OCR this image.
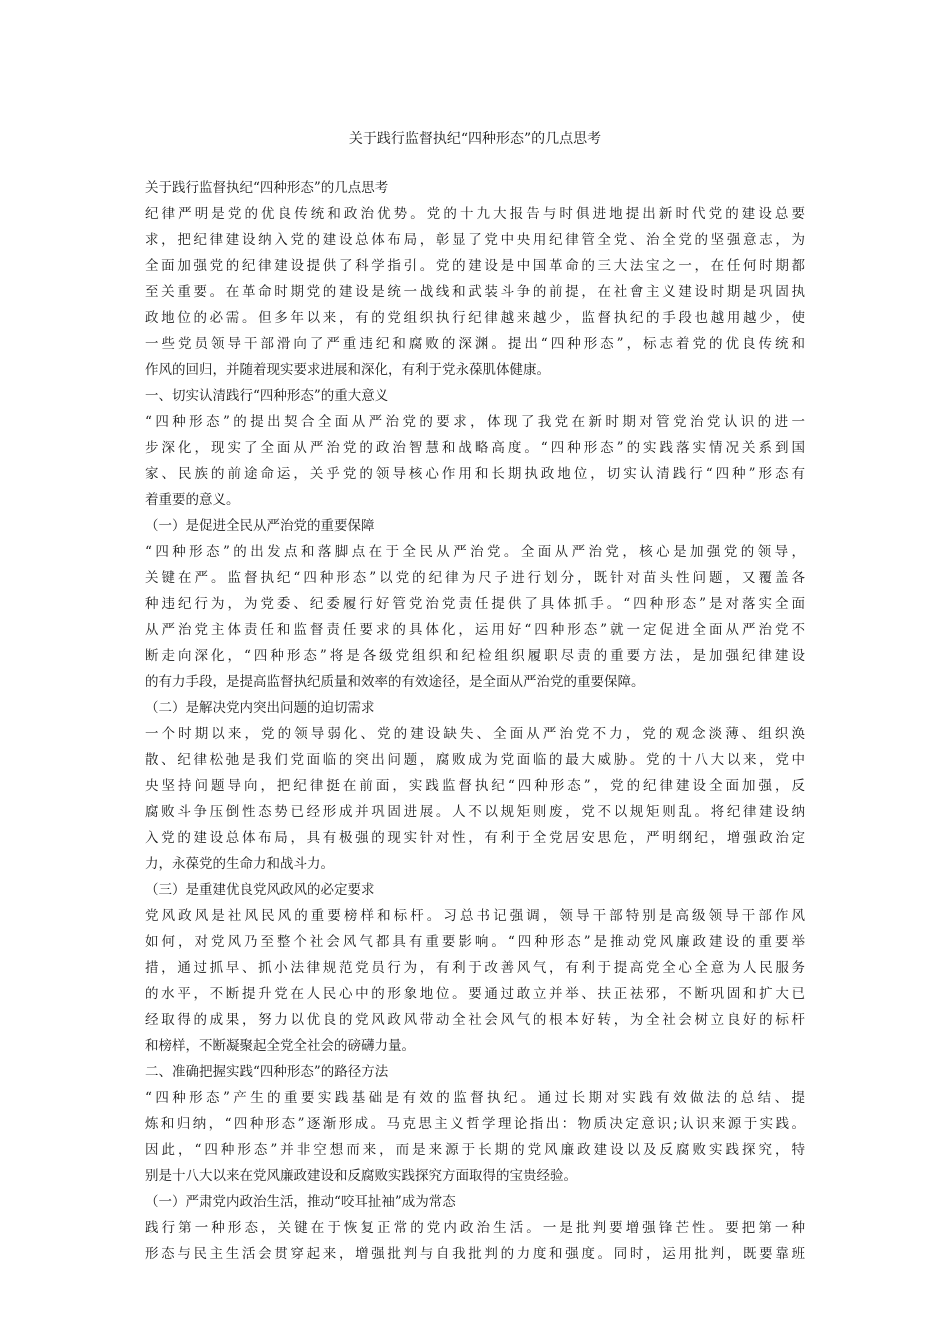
关于践行监督执纪“四种形态”的几点思考
关于践行监督执纪“四种形态”的几点思考
纪律严明是党的优良传统和政治优势。党的十九大报告与时俱进地提出新时代党的建设总要
求，把纪律建设纳入党的建设总体布局，彰显了党中央用纪律管全党、治全党的坚强意志，为
全面加强党的纪律建设提供了科学指引。党的建设是中国革命的三大法宝之一，在任何时期都
至关重要。在革命时期党的建设是统一战线和武装斗争的前提，在社會主义建设时期是巩固执
政地位的必需。但多年以来，有的党组织执行纪律越来越少，监督执纪的手段也越用越少，使
一些党员领导干部滑向了严重违纪和腐败的深渊。提出“四种形态”，标志着党的优良传统和
作风的回归，并随着现实要求进展和深化，有利于党永葆肌体健康。
一、切实认清践行“四种形态”的重大意义
“四种形态”的提出契合全面从严治党的要求，体现了我党在新时期对管党治党认识的进一
步深化，现实了全面从严治党的政治智慧和战略高度。“四种形态”的实践落实情况关系到国
家、民族的前途命运，关乎党的领导核心作用和长期执政地位，切实认清践行“四种”形态有
着重要的意义。
（一）是促进全民从严治党的重要保障
“四种形态”的出发点和落脚点在于全民从严治党。全面从严治党，核心是加强党的领导，
关键在严。监督执纪“四种形态”以党的纪律为尺子进行划分，既针对苗头性问题，又覆盖各
种违纪行为，为党委、纪委履行好管党治党责任提供了具体抓手。“四种形态”是对落实全面
从严治党主体责任和监督责任要求的具体化，运用好“四种形态”就一定促进全面从严治党不
断走向深化，“四种形态”将是各级党组织和纪检组织履职尽责的重要方法，是加强纪律建设
的有力手段，是提高监督执纪质量和效率的有效途径，是全面从严治党的重要保障。
（二）是解决党内突出问题的迫切需求
一个时期以来，党的领导弱化、党的建设缺失、全面从严治党不力，党的观念淡薄、组织涣
散、纪律松弛是我们党面临的突出问题，腐败成为党面临的最大威胁。党的十八大以来，党中
央坚持问题导向，把纪律挺在前面，实践监督执纪“四种形态”，党的纪律建设全面加强，反
腐败斗争压倒性态势已经形成并巩固进展。人不以规矩则废，党不以规矩则乱。将纪律建设纳
入党的建设总体布局，具有极强的现实针对性，有利于全党居安思危，严明纲纪，增强政治定
力，永葆党的生命力和战斗力。
（三）是重建优良党风政风的必定要求
党风政风是社风民风的重要榜样和标杆。习总书记强调，领导干部特别是高级领导干部作风
如何，对党风乃至整个社会风气都具有重要影响。“四种形态”是推动党风廉政建设的重要举
措，通过抓早、抓小法律规范党员行为，有利于改善风气，有利于提高党全心全意为人民服务
的水平，不断提升党在人民心中的形象地位。要通过敢立并举、扶正祛邪，不断巩固和扩大已
经取得的成果，努力以优良的党风政风带动全社会风气的根本好转，为全社会树立良好的标杆
和榜样，不断凝聚起全党全社会的磅礴力量。
二、准确把握实践“四种形态”的路径方法
“四种形态”产生的重要实践基础是有效的监督执纪。通过长期对实践有效做法的总结、提
炼和归纳，“四种形态”逐渐形成。马克思主义哲学理论指出：物质决定意识;认识来源于实践。
因此，“四种形态”并非空想而来，而是来源于长期的党风廉政建设以及反腐败实践探究，特
别是十八大以来在党风廉政建设和反腐败实践探究方面取得的宝贵经验。
（一）严肃党内政治生活，推动“咬耳扯袖”成为常态
践行第一种形态，关键在于恢复正常的党内政治生活。一是批判要增强锋芒性。要把第一种
形态与民主生活会贯穿起来，增强批判与自我批判的力度和强度。同时，运用批判，既要靠班
